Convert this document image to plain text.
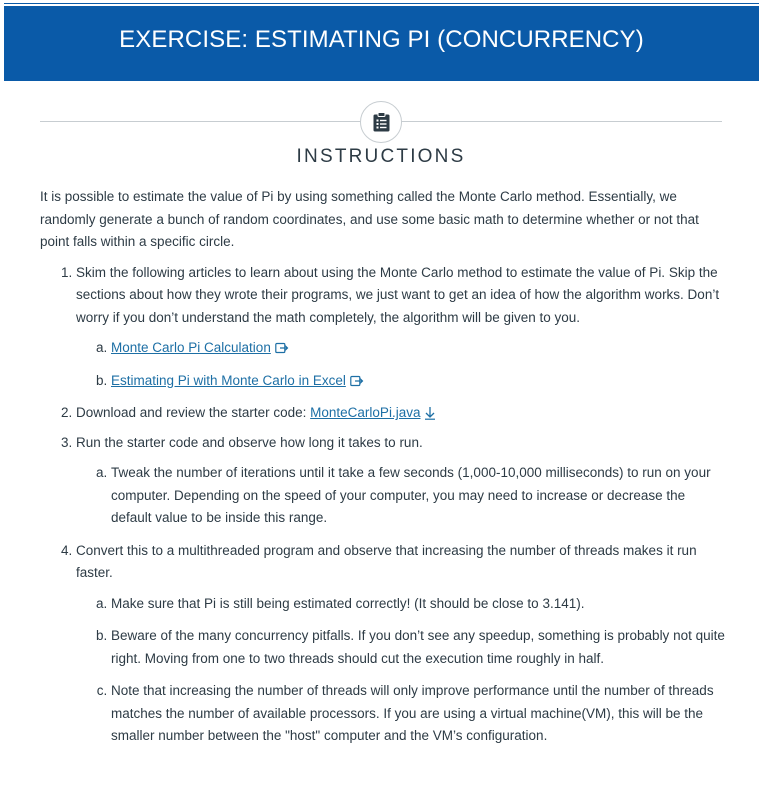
EXERCISE: ESTIMATING PI (CONCURRENCY)
INSTRUCTIONS

It is possible to estimate the value of Pi by using something called the Monte Carlo method. Essentially, we randomly generate a bunch of random coordinates, and use some basic math to determine whether or not that point falls within a specific circle.

1. Skim the following articles to learn about using the Monte Carlo method to estimate the value of Pi. Skip the sections about how they wrote their programs, we just want to get an idea of how the algorithm works. Don’t worry if you don’t understand the math completely, the algorithm will be given to you.
a. Monte Carlo Pi Calculation
b. Estimating Pi with Monte Carlo in Excel
2. Download and review the starter code: MonteCarloPi.java
3. Run the starter code and observe how long it takes to run.
a. Tweak the number of iterations until it take a few seconds (1,000-10,000 milliseconds) to run on your computer. Depending on the speed of your computer, you may need to increase or decrease the default value to be inside this range.
4. Convert this to a multithreaded program and observe that increasing the number of threads makes it run faster.
a. Make sure that Pi is still being estimated correctly! (It should be close to 3.141).
b. Beware of the many concurrency pitfalls. If you don’t see any speedup, something is probably not quite right. Moving from one to two threads should cut the execution time roughly in half.
c. Note that increasing the number of threads will only improve performance until the number of threads matches the number of available processors. If you are using a virtual machine(VM), this will be the smaller number between the "host" computer and the VM’s configuration.
